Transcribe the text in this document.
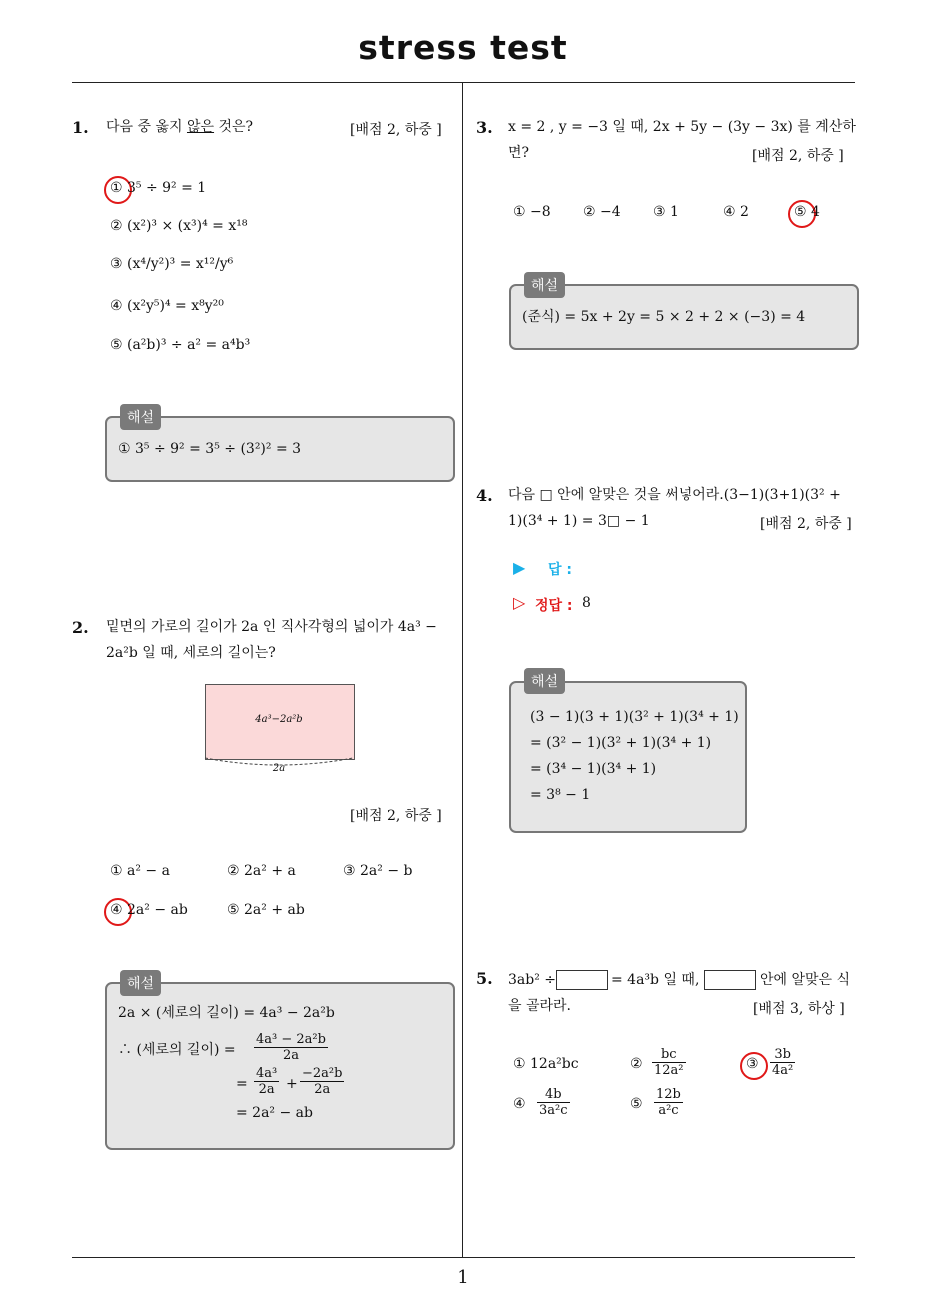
stress test
1
1. 다음 중 옳지 않은 것은?	[배점 2, 하중 ]
① 3⁵ ÷ 9² = 1
② (x²)³ × (x³)⁴ = x¹⁸
③ (x⁴/y²)³ = x¹²/y⁶
④ (x²y⁵)⁴ = x⁸y²⁰
⑤ (a²b)³ ÷ a² = a⁴b³
해설
① 3⁵ ÷ 9² = 3⁵ ÷ (3²)² = 3
2. 밑면의 가로의 길이가 2a 인 직사각형의 넓이가 4a³ −
2a²b 일 때, 세로의 길이는?
4a³−2a²b
2a
[배점 2, 하중 ]
① a² − a	② 2a² + a	③ 2a² − b
④ 2a² − ab	⑤ 2a² + ab
해설
2a × (세로의 길이) = 4a³ − 2a²b
∴ (세로의 길이) = $\frac{\text{4a³ − 2a²b}}{2a}$
= $\frac{\text{4a³}}{2a} + \frac{\text{−2a²b}}{2a}$
= 2a² − ab
3. x = 2 , y = −3 일 때, 2x + 5y − (3y − 3x) 를 계산하
면?	[배점 2, 하중 ]
① −8 ② −4 ③ 1	④ 2	⑤ 4
해설
(준식) = 5x + 2y = 5 × 2 + 2 × (−3) = 4
4. 다음 □ 안에 알맞은 것을 써넣어라.(3−1)(3+1)(3² +
1)(3⁴ + 1) = 3□ − 1	[배점 2, 하중 ]
▶ 답 :
▷ 정답 : 8
해설
(3 − 1)(3 + 1)(3² + 1)(3⁴ + 1)
= (3² − 1)(3² + 1)(3⁴ + 1)
= (3⁴ − 1)(3⁴ + 1)
= 3⁸ − 1
5. 3ab² ÷	= 4a³b 일 때,	안에 알맞은 식
을 골라라.	[배점 3, 하상 ]
① 12a²bc	② $\frac{bc}{\text{12a²}}$	③ $\frac{3b}{\text{4a²}}$
④ $\frac{4b}{\text{3a²c}}$	⑤ $\frac{12b}{\text{a²c}}$
